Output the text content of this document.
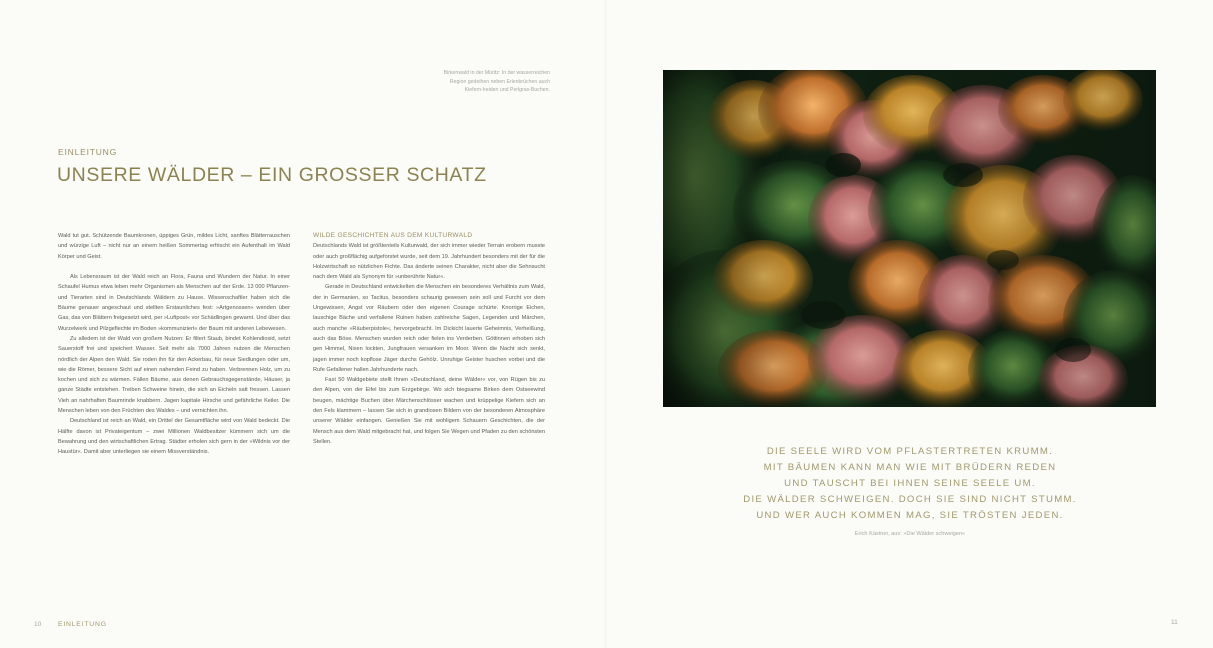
Birkenwald in der Müritz: In der wasserreichen Region gedeihen neben Erlenbrüchen auch Kiefern-heiden und Perlgras-Buchen.
EINLEITUNG
UNSERE WÄLDER – EIN GROSSER SCHATZ

Wald tut gut. Schützende Baumkronen, üppiges Grün, mildes Licht, sanftes Blätterrauschen und würzige Luft – nicht nur an einem heißen Sommertag erfrischt ein Aufenthalt im Wald Körper und Geist.

Als Lebensraum ist der Wald reich an Flora, Fauna und Wundern der Natur. In einer Schaufel Humus etwa leben mehr Organismen als Menschen auf der Erde. 13 000 Pflanzen- und Tierarten sind in Deutschlands Wäldern zu Hause. Wissenschaftler haben sich die Bäume genauer angeschaut und stellten Erstaunliches fest: »Artgenossen« wenden über Gas, das von Blättern freigesetzt wird, per »Luftpost« vor Schädlingen gewarnt. Und über das Wurzelwerk und Pilzgeflechte im Boden »kommuniziert« der Baum mit anderen Lebewesen.

Zu alledem ist der Wald von großem Nutzen: Er filtert Staub, bindet Kohlendioxid, setzt Sauerstoff frei und speichert Wasser. Seit mehr als 7000 Jahren nutzen die Menschen nördlich der Alpen den Wald. Sie roden ihn für den Ackerbau, für neue Siedlungen oder um, wie die Römer, bessere Sicht auf einen nahenden Feind zu haben. Verbrennen Holz, um zu kochen und sich zu wärmen. Fällen Bäume, aus denen Gebrauchsgegenstände, Häuser, ja ganze Städte entstehen. Treiben Schweine hinein, die sich an Eicheln satt fressen. Lassen Vieh an nahrhaften Baumrinde knabbern. Jagen kapitale Hirsche und gefährliche Keiler. Die Menschen leben von den Früchten des Waldes – und vernichten ihn.

Deutschland ist reich an Wald, ein Drittel der Gesamtfläche wird von Wald bedeckt. Die Hälfte davon ist Privateigentum – zwei Millionen Waldbesitzer kümmern sich um die Bewahrung und den wirtschaftlichen Ertrag. Städter erholen sich gern in der »Wildnis vor der Haustür«. Damit aber unterliegen sie einem Missverständnis.

WILDE GESCHICHTEN AUS DEM KULTURWALD

Deutschlands Wald ist größtenteils Kulturwald, der sich immer wieder Terrain erobern musste oder auch großflächig aufgeforstet wurde, seit dem 19. Jahrhundert besonders mit der für die Holzwirtschaft so nützlichen Fichte. Das änderte seinen Charakter, nicht aber die Sehnsucht nach dem Wald als Synonym für »unberührte Natur«.

Gerade in Deutschland entwickelten die Menschen ein besonderes Verhältnis zum Wald, der in Germanien, so Tacitus, besonders schaurig gewesen sein soll und Furcht vor dem Ungewissen, Angst vor Räubern oder den eigenen Courage schürte. Knorrige Eichen, lauschige Bäche und verfallene Ruinen haben zahlreiche Sagen, Legenden und Märchen, auch manche »Räuberpistole«, hervorgebracht. Im Dickicht lauerte Geheimnis, Verheißung, auch das Böse. Menschen wurden reich oder fielen ins Verderben. Göttinnen erhoben sich gen Himmel, Nixen lockten, Jungfrauen versanken im Moor. Wenn die Nacht sich senkt, jagen immer noch kopflose Jäger durchs Gehölz. Unruhige Geister huschen vorbei und die Rufe Gefallener hallen Jahrhunderte nach.

Fast 50 Waldgebiete stellt Ihnen »Deutschland, deine Wälder« vor, von Rügen bis zu den Alpen, von der Eifel bis zum Erzgebirge. Wo sich biegsame Birken dem Ostseewind beugen, mächtige Buchen über Märchenschlösser wachen und krüppelige Kiefern sich an den Fels klammern – lassen Sie sich in grandiosen Bildern von der besonderen Atmosphäre unserer Wälder einfangen. Genießen Sie mit wohligem Schauern Geschichten, die der Mensch aus dem Wald mitgebracht hat, und folgen Sie Wegen und Pfaden zu den schönsten Stellen.

DIE SEELE WIRD VOM PFLASTERTRETEN KRUMM.
MIT BÄUMEN KANN MAN WIE MIT BRÜDERN REDEN
UND TAUSCHT BEI IHNEN SEINE SEELE UM.
DIE WÄLDER SCHWEIGEN. DOCH SIE SIND NICHT STUMM.
UND WER AUCH KOMMEN MAG, SIE TRÖSTEN JEDEN.
Erich Kästner, aus: »Die Wälder schweigen«
10 EINLEITUNG	11
